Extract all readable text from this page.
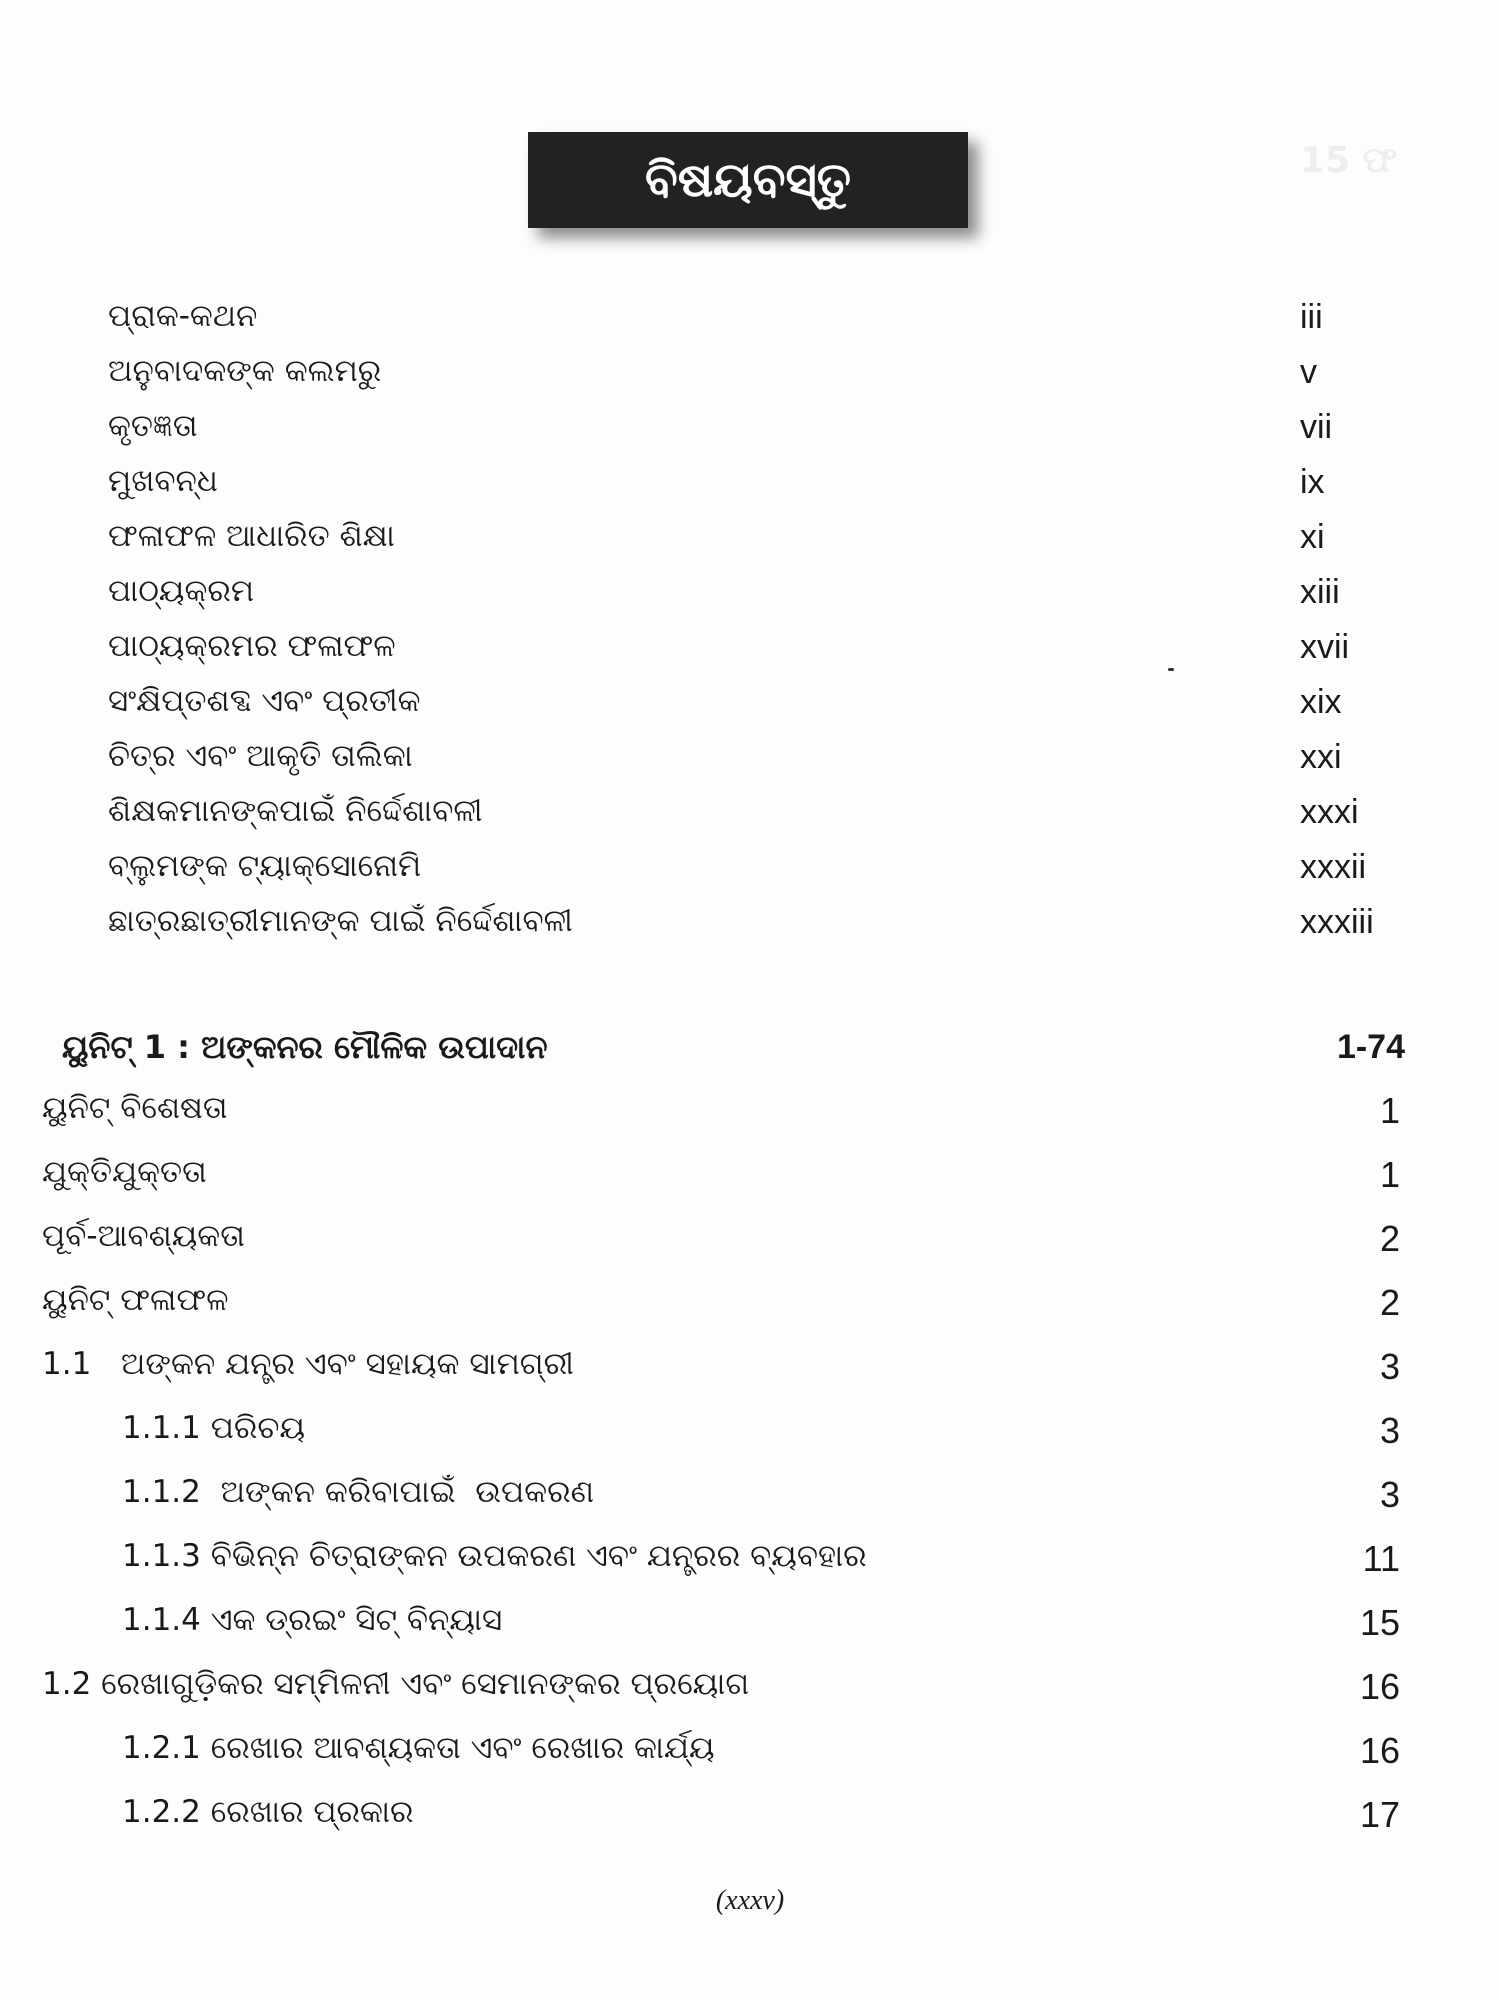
15 ଫ
ବିଷୟବସ୍ତୁ
ପ୍ରାକ-କଥନ	iii
ଅନୁବାଦକଙ୍କ କଲମରୁ	v
କୃତଜ୍ଞତା	vii
ମୁଖବନ୍ଧ	ix
ଫଳାଫଳ ଆଧାରିତ ଶିକ୍ଷା	xi
ପାଠ୍ୟକ୍ରମ	xiii
ପାଠ୍ୟକ୍ରମର ଫଳାଫଳ	xvii
ସଂକ୍ଷିପ୍ତଶବ୍ଦ ଏବଂ ପ୍ରତୀକ	xix
ଚିତ୍ର ଏବଂ ଆକୃତି ତାଲିକା	xxi
ଶିକ୍ଷକମାନଙ୍କପାଇଁ ନିର୍ଦ୍ଦେଶାବଳୀ	xxxi
ବ୍ଲୁମଙ୍କ ଟ୍ୟାକ୍ସୋନୋମି	xxxii
ଛାତ୍ରଛାତ୍ରୀମାନଙ୍କ ପାଇଁ ନିର୍ଦ୍ଦେଶାବଳୀ	xxxiii
ୟୁନିଟ୍ 1 : ଅଙ୍କନର ମୌଳିକ ଉପାଦାନ	1-74
ୟୁନିଟ୍ ବିଶେଷତା	1
ଯୁକ୍ତିଯୁକ୍ତତା	1
ପୂର୍ବ-ଆବଶ୍ୟକତା	2
ୟୁନିଟ୍ ଫଳାଫଳ	2
1.1   ଅଙ୍କନ ଯନ୍ତ୍ର ଏବଂ ସହାୟକ ସାମଗ୍ରୀ	3
1.1.1 ପରିଚୟ	3
1.1.2  ଅଙ୍କନ କରିବାପାଇଁ  ଉପକରଣ	3
1.1.3 ବିଭିନ୍ନ ଚିତ୍ରାଙ୍କନ ଉପକରଣ ଏବଂ ଯନ୍ତ୍ରର ବ୍ୟବହାର	11
1.1.4 ଏକ ଡ୍ରଇଂ ସିଟ୍ ବିନ୍ୟାସ	15
1.2 ରେଖାଗୁଡ଼ିକର ସମ୍ମିଳନୀ ଏବଂ ସେମାନଙ୍କର ପ୍ରୟୋଗ	16
1.2.1 ରେଖାର ଆବଶ୍ୟକତା ଏବଂ ରେଖାର କାର୍ଯ୍ୟ	16
1.2.2 ରେଖାର ପ୍ରକାର	17
(xxxv)
